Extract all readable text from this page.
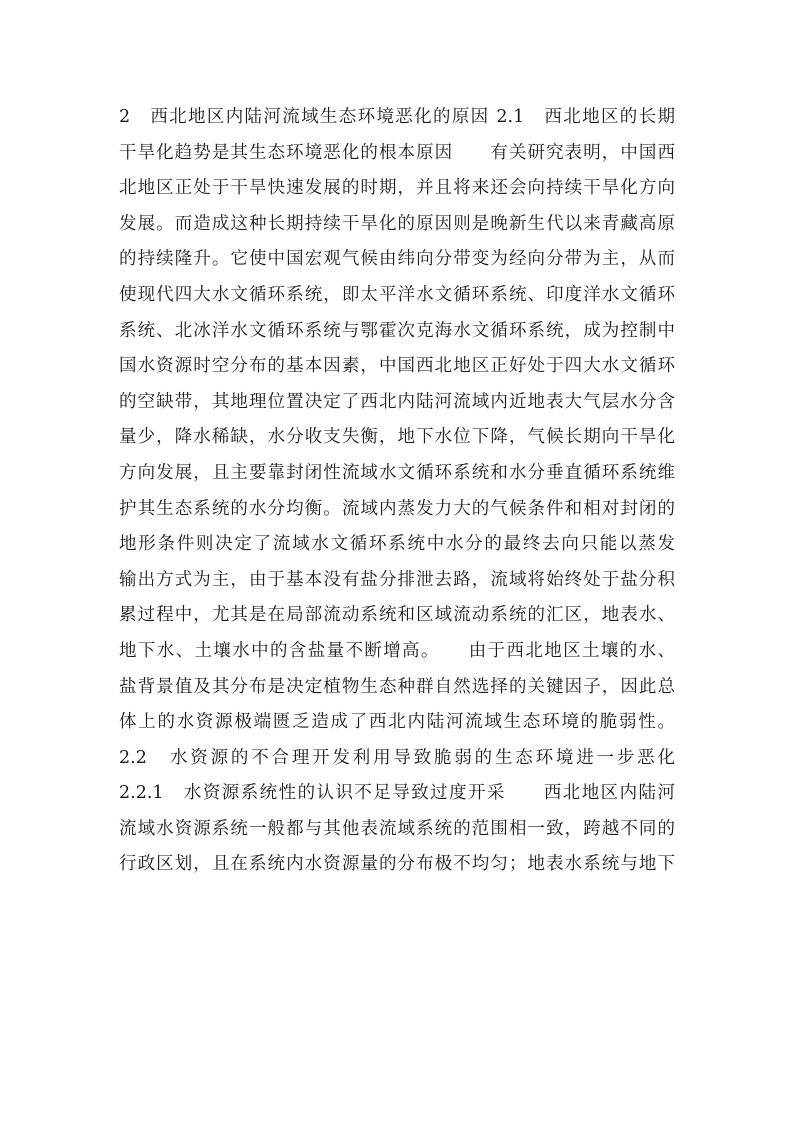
2　西北地区内陆河流域生态环境恶化的原因 2.1　西北地区的长期
干旱化趋势是其生态环境恶化的根本原因　　有关研究表明，中国西
北地区正处于干旱快速发展的时期，并且将来还会向持续干旱化方向
发展。而造成这种长期持续干旱化的原因则是晚新生代以来青藏高原
的持续隆升。它使中国宏观气候由纬向分带变为经向分带为主，从而
使现代四大水文循环系统，即太平洋水文循环系统、印度洋水文循环
系统、北冰洋水文循环系统与鄂霍次克海水文循环系统，成为控制中
国水资源时空分布的基本因素，中国西北地区正好处于四大水文循环
的空缺带，其地理位置决定了西北内陆河流域内近地表大气层水分含
量少，降水稀缺，水分收支失衡，地下水位下降，气候长期向干旱化
方向发展，且主要靠封闭性流域水文循环系统和水分垂直循环系统维
护其生态系统的水分均衡。流域内蒸发力大的气候条件和相对封闭的
地形条件则决定了流域水文循环系统中水分的最终去向只能以蒸发
输出方式为主，由于基本没有盐分排泄去路，流域将始终处于盐分积
累过程中，尤其是在局部流动系统和区域流动系统的汇区，地表水、
地下水、土壤水中的含盐量不断增高。　　由于西北地区土壤的水、
盐背景值及其分布是决定植物生态种群自然选择的关键因子，因此总
体上的水资源极端匮乏造成了西北内陆河流域生态环境的脆弱性。
2.2　水资源的不合理开发利用导致脆弱的生态环境进一步恶化
2.2.1　水资源系统性的认识不足导致过度开采　　西北地区内陆河
流域水资源系统一般都与其他表流域系统的范围相一致，跨越不同的
行政区划，且在系统内水资源量的分布极不均匀；地表水系统与地下
